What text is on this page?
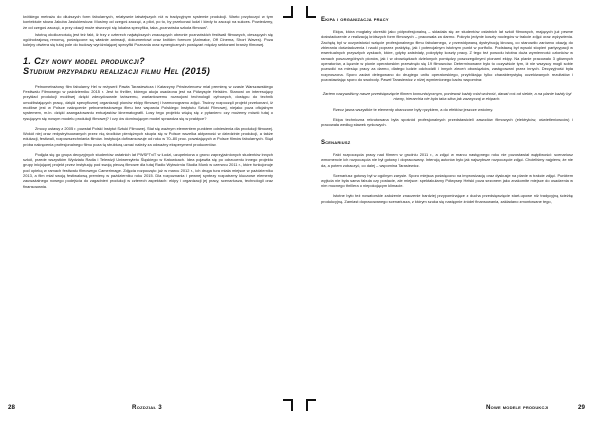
krótkiego metrażu do dłuższych form fabularnych, relatywnie łatwiejszych niż w tradycyjnym systemie produkcji. Warto przytoczyć w tym kontekście słowa Jakuba Jasiukiewicza: Musimy od czegoś zacząć, a pilot, po to, by przekonać ludzi i kiedy to zacząć na sukces. Powiedzmy, że od czegoś zacząć, a przy okazji może stworzyć się lokalna specyfika, taka „poznańska szkoła filmowa”.

Istotną okolicznością jest też fakt, iż trzy z czterech największych znaczących obecnie poznańskich festiwali filmowych, cieszących się ogólnokrajową renomą, poświęcone są właśnie animacji, dokumentowi oraz krótkim formom (Animator, Off Cinema, Short Waves). Poza kolejny otwiera się tutaj pole do budowy wyróżniającej specyfiki Poznania oraz synergicznych powiązań między sektorami branży filmowej.

1. Czy nowy model produkcji?
Studium przypadku realizacji filmu Hel (2015)

Pełnometrażowy film fabularny Hel w reżyserii Pawła Tarasiewicza i Katarzyny Priwieziencew miał premierę w czasie Warszawskiego Festiwalu Filmowego w październiku 2015 r. Jest to thriller, którego akcja osadzona jest na Półwyspie Helskim. Stanowi on interesujący przykład produkcji możliwej dzięki zdecydowanie tańszemu, wariantowemu rozwojowi technologii cyfrowych, dostępu do technik umożliwiających pracę, dzięki specyficznej organizacji pionów ekipy filmowej i harmonogramu zdjęć. Twórcy rozpoczęli projekt przekonani, iż możliwe jest w Polsce nakręcenie pełnometrażowego filmu bez wsparcia Polskiego Instytutu Sztuki Filmowej, niejako poza oficjalnym systemem, m.in. dzięki zaangażowaniu entuzjastów kinematografii. Losy tego projektu wiążą się z pytaniem: czy możemy mówić tutaj o rysującym się nowym modelu produkcji filmowej? I czy ów dominującym model sprawdza się w praktyce?

Zmocy ustawy z 2005 r. powstał Polski Instytut Sztuki Filmowej. Stał się ważnym elementem punktem odniesienia dla produkcji filmowej. Wokół niej oraz redystrybuowanych przez nią środków pieniężnych skupia się w Polsce wszelka aktywność w dziedzinie produkcji, a także edukacji, festiwali, rozpowszechniania filmów. Instytucja dofinansowuje od roku w 70–80 proc. powstających w Polsce filmów fabularnych. Stąd próba nakręcenia profesjonalnego filmu poza tą strukturą uznać należy za odważny eksperyment producentów.

Podjęła się go grupa decyzyjnych studentów ostatnich lat PWSFTviT w Łodzi, uzupełniona o grono zaprzyjaźnionych studentów innych szkół, przede wszystkim Wydziału Radia i Telewizji Uniwersytetu Śląskiego w Katowicach. Idea pojawiła się po odrzuceniu innego projektu grupy inicjującej projekt przez instytucję pod swoją pieczą filmowe dla tutaj Radio Wytwórnia Studia Munk w czerwcu 2011 r., które funkcjonuje pod opieką w ramach festiwalu filmowego Camerimage. Zdjęcia rozpoczęto już w marcu 2012 r., ich druga tura miała miejsce w październiku 2013, a film miał swoją festiwalową premierę w październiku roku 2015. Dla rozpoznania i pewnej syntezy rozpatrzmy kluczowe elementy zauważalnego nowego podejścia do zagadnień produkcji w czterech aspektach: ekipy i organizacji jej pracy, scenariusza, technologii oraz finansowania.

28	Rozdział 3
Ekipa i organizacja pracy

Ekipa, która mogłaby określić jako półprofesjonalną – składała się ze studentów ostatnich lat szkół filmowych, mających już pewne doświadczenie z realizacją krótszych form filmowych – pracowała za darmo. Pokryto jedynie koszty noclegów w trakcie zdjęć oraz wyżywienia. Zachętą był w oczywistości wzięcie profesjonalnego filmu fabularnego, z przewidywaną dystrybucją kinową, co stanowiło zarówno okazję do zbierania doświadczenia i nauki poprzez praktykę, jak i potencjalnym istotnym punkt w portfolio. Podstawą był wysoki stopień partycypacji w ewentualnych przyszłych zyskach, które, gdyby zaistniały, pokryłyby koszty pracy. Z tego też powodu istotna duża wymienność członków w ramach poszczególnych pionów, jak i w obowiązkach dzielonych pomiędzy poszczególnymi pionami ekipy. Na planie pracowało 3 głównych operatorów, a łącznie w pionie operatorskim przewinęło się 19 filmowców. Determinowane było to oczywiście tym, iż nie wszyscy mogli sobie pozwolić na miesiąc pracy za darmo, dlatego ludzie odchodzili i innych zleceń obowiązków, zastępowani przez innych. Decyzyjność była rozproszona. Sporo zadań delegowano do drugiego unitu operatorskiego, przybliżając tylko charakterystykę oczekiwanych rezultatów i pozostawiając sporo do swobody. Paweł Tarasiewicz z niżej wymienionego kadru wspomina:

Żartem nazywaliśmy nasze przedsięwzięcie filmem komunistycznym, ponieważ każdy miał wolność, dawał coś od siebie, a na planie każdy był równy, hierarchia nie była taka silna jak zazwyczaj w ekipach.

Rzecz jasna wszystkie te elementy obarczone były ryzykiem, a do efektów jeszcze wrócimy.

Ekipa techniczna rekrutowana była spośród profesjonalnych przedstawicieli zawodów filmowych (elektryków, oświetleniowców) i pracowała według stawek rynkowych.

Scenariusz

Fakt rozpoczęcia pracy nad filmem w grudniu 2011 r., a zdjęć w marcu następnego roku nie pozostawiał wątpliwości: scenariusz wmomencie ich rozpoczęcia nie był gotowy i dopracowany. Intencją autorów było jak najszybsze rozpoczęcie zdjęć. Chcieliśmy najpierw, że nie da, a potem zobaczyć, co dalej – wspomina Tarasiewicz.

Scenariusz gotowy był w ogólnym zarysie. Sporo miejsca poświęcono na improwizację oraz dyskusje na planie w trakcie zdjęć. Punktem wyjścia nie była sama fabuła czy postacie, ale miejsce: spektakularny Półwysep Helski poza sezonem jako znakomite miejsce do osadzenia w nim mocnego thrillera o niepokojącym klimacie.

Istotne było też nowatorskie założenie znaczenie bardziej przypominające z ducha przedsięwzięcie start-upowe niż tradycyjną ścieżkę produkcyjną. Zamiast dopracowanego scenariusza, z którym szuka się następnie źródeł finansowania, zakładano zmontowane tego,

Nowe modele produkcji	29
